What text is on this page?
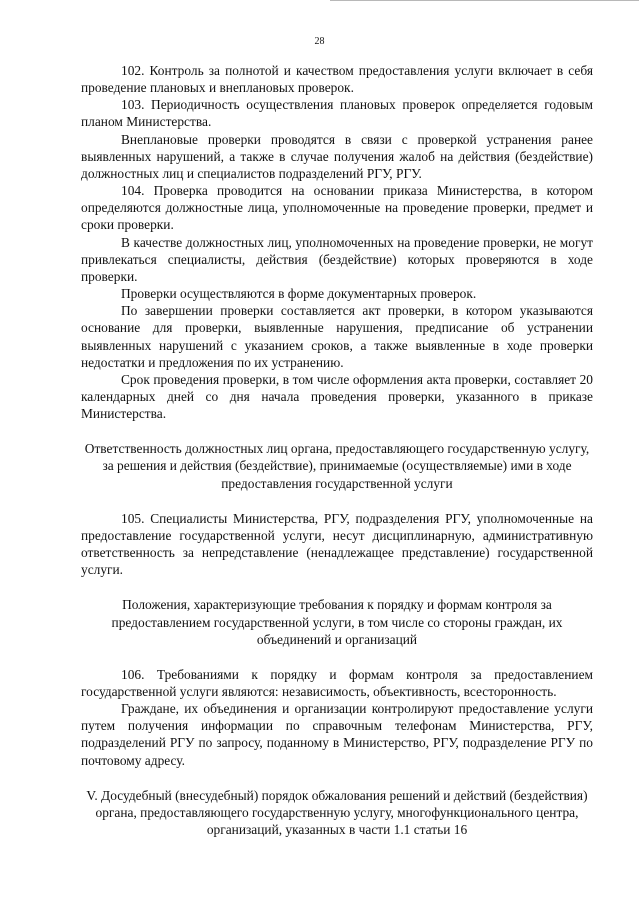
28

102. Контроль за полнотой и качеством предоставления услуги включает в себя проведение плановых и внеплановых проверок.

103. Периодичность осуществления плановых проверок определяется годовым планом Министерства.

Внеплановые проверки проводятся в связи с проверкой устранения ранее выявленных нарушений, а также в случае получения жалоб на действия (бездействие) должностных лиц и специалистов подразделений РГУ, РГУ.

104. Проверка проводится на основании приказа Министерства, в котором определяются должностные лица, уполномоченные на проведение проверки, предмет и сроки проверки.

В качестве должностных лиц, уполномоченных на проведение проверки, не могут привлекаться специалисты, действия (бездействие) которых проверяются в ходе проверки.

Проверки осуществляются в форме документарных проверок.

По завершении проверки составляется акт проверки, в котором указываются основание для проверки, выявленные нарушения, предписание об устранении выявленных нарушений с указанием сроков, а также выявленные в ходе проверки недостатки и предложения по их устранению.

Срок проведения проверки, в том числе оформления акта проверки, составляет 20 календарных дней со дня начала проведения проверки, указанного в приказе Министерства.

Ответственность должностных лиц органа, предоставляющего государственную услугу, за решения и действия (бездействие), принимаемые (осуществляемые) ими в ходе предоставления государственной услуги

105. Специалисты Министерства, РГУ, подразделения РГУ, уполномоченные на предоставление государственной услуги, несут дисциплинарную, административную ответственность за непредставление (ненадлежащее представление) государственной услуги.

Положения, характеризующие требования к порядку и формам контроля за предоставлением государственной услуги, в том числе со стороны граждан, их объединений и организаций

106. Требованиями к порядку и формам контроля за предоставлением государственной услуги являются: независимость, объективность, всесторонность.

Граждане, их объединения и организации контролируют предоставление услуги путем получения информации по справочным телефонам Министерства, РГУ, подразделений РГУ по запросу, поданному в Министерство, РГУ, подразделение РГУ по почтовому адресу.

V. Досудебный (внесудебный) порядок обжалования решений и действий (бездействия) органа, предоставляющего государственную услугу, многофункционального центра, организаций, указанных в части 1.1 статьи 16
